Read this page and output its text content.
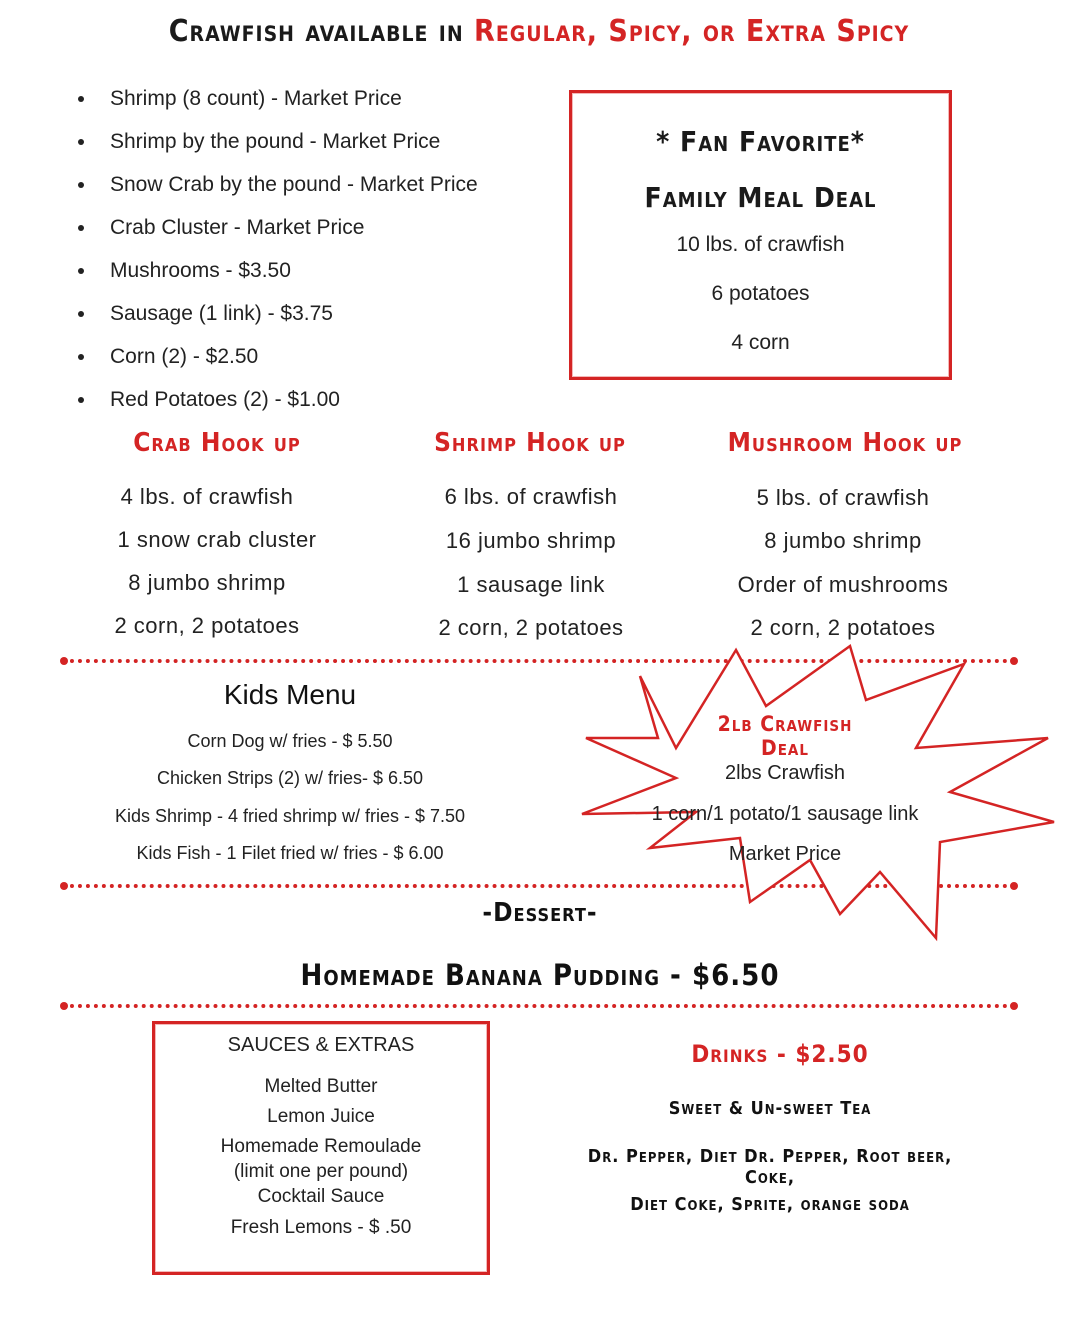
Crawfish available in Regular, Spicy, or Extra Spicy
Shrimp (8 count) - Market Price
Shrimp by the pound - Market Price
Snow Crab by the pound - Market Price
Crab Cluster - Market Price
Mushrooms - $3.50
Sausage (1 link) - $3.75
Corn (2) - $2.50
Red Potatoes (2) - $1.00
* Fan Favorite*
Family Meal Deal
10 lbs. of crawfish
6 potatoes
4 corn
Crab Hook up	Shrimp Hook up	Mushroom Hook up
4 lbs. of crawfish
1 snow crab cluster
8 jumbo shrimp
2 corn, 2 potatoes
6 lbs. of crawfish
16 jumbo shrimp
1 sausage link
2 corn, 2 potatoes
5 lbs. of crawfish
8 jumbo shrimp
Order of mushrooms
2 corn, 2 potatoes
Kids Menu
Corn Dog w/ fries - $ 5.50
Chicken Strips (2) w/ fries- $ 6.50
Kids Shrimp - 4 fried shrimp w/ fries - $ 7.50
Kids Fish - 1 Filet fried w/ fries - $ 6.00
2lb Crawfish Deal
2lbs Crawfish
1 corn/1 potato/1 sausage link
Market Price
-Dessert-
Homemade Banana Pudding - $6.50
SAUCES & EXTRAS
Melted Butter
Lemon Juice
Homemade Remoulade
(limit one per pound)
Cocktail Sauce
Fresh Lemons - $ .50
Drinks - $2.50
Sweet & Un-sweet Tea
Dr. Pepper, Diet Dr. Pepper, Root beer, Coke,
Diet Coke, Sprite, orange soda
